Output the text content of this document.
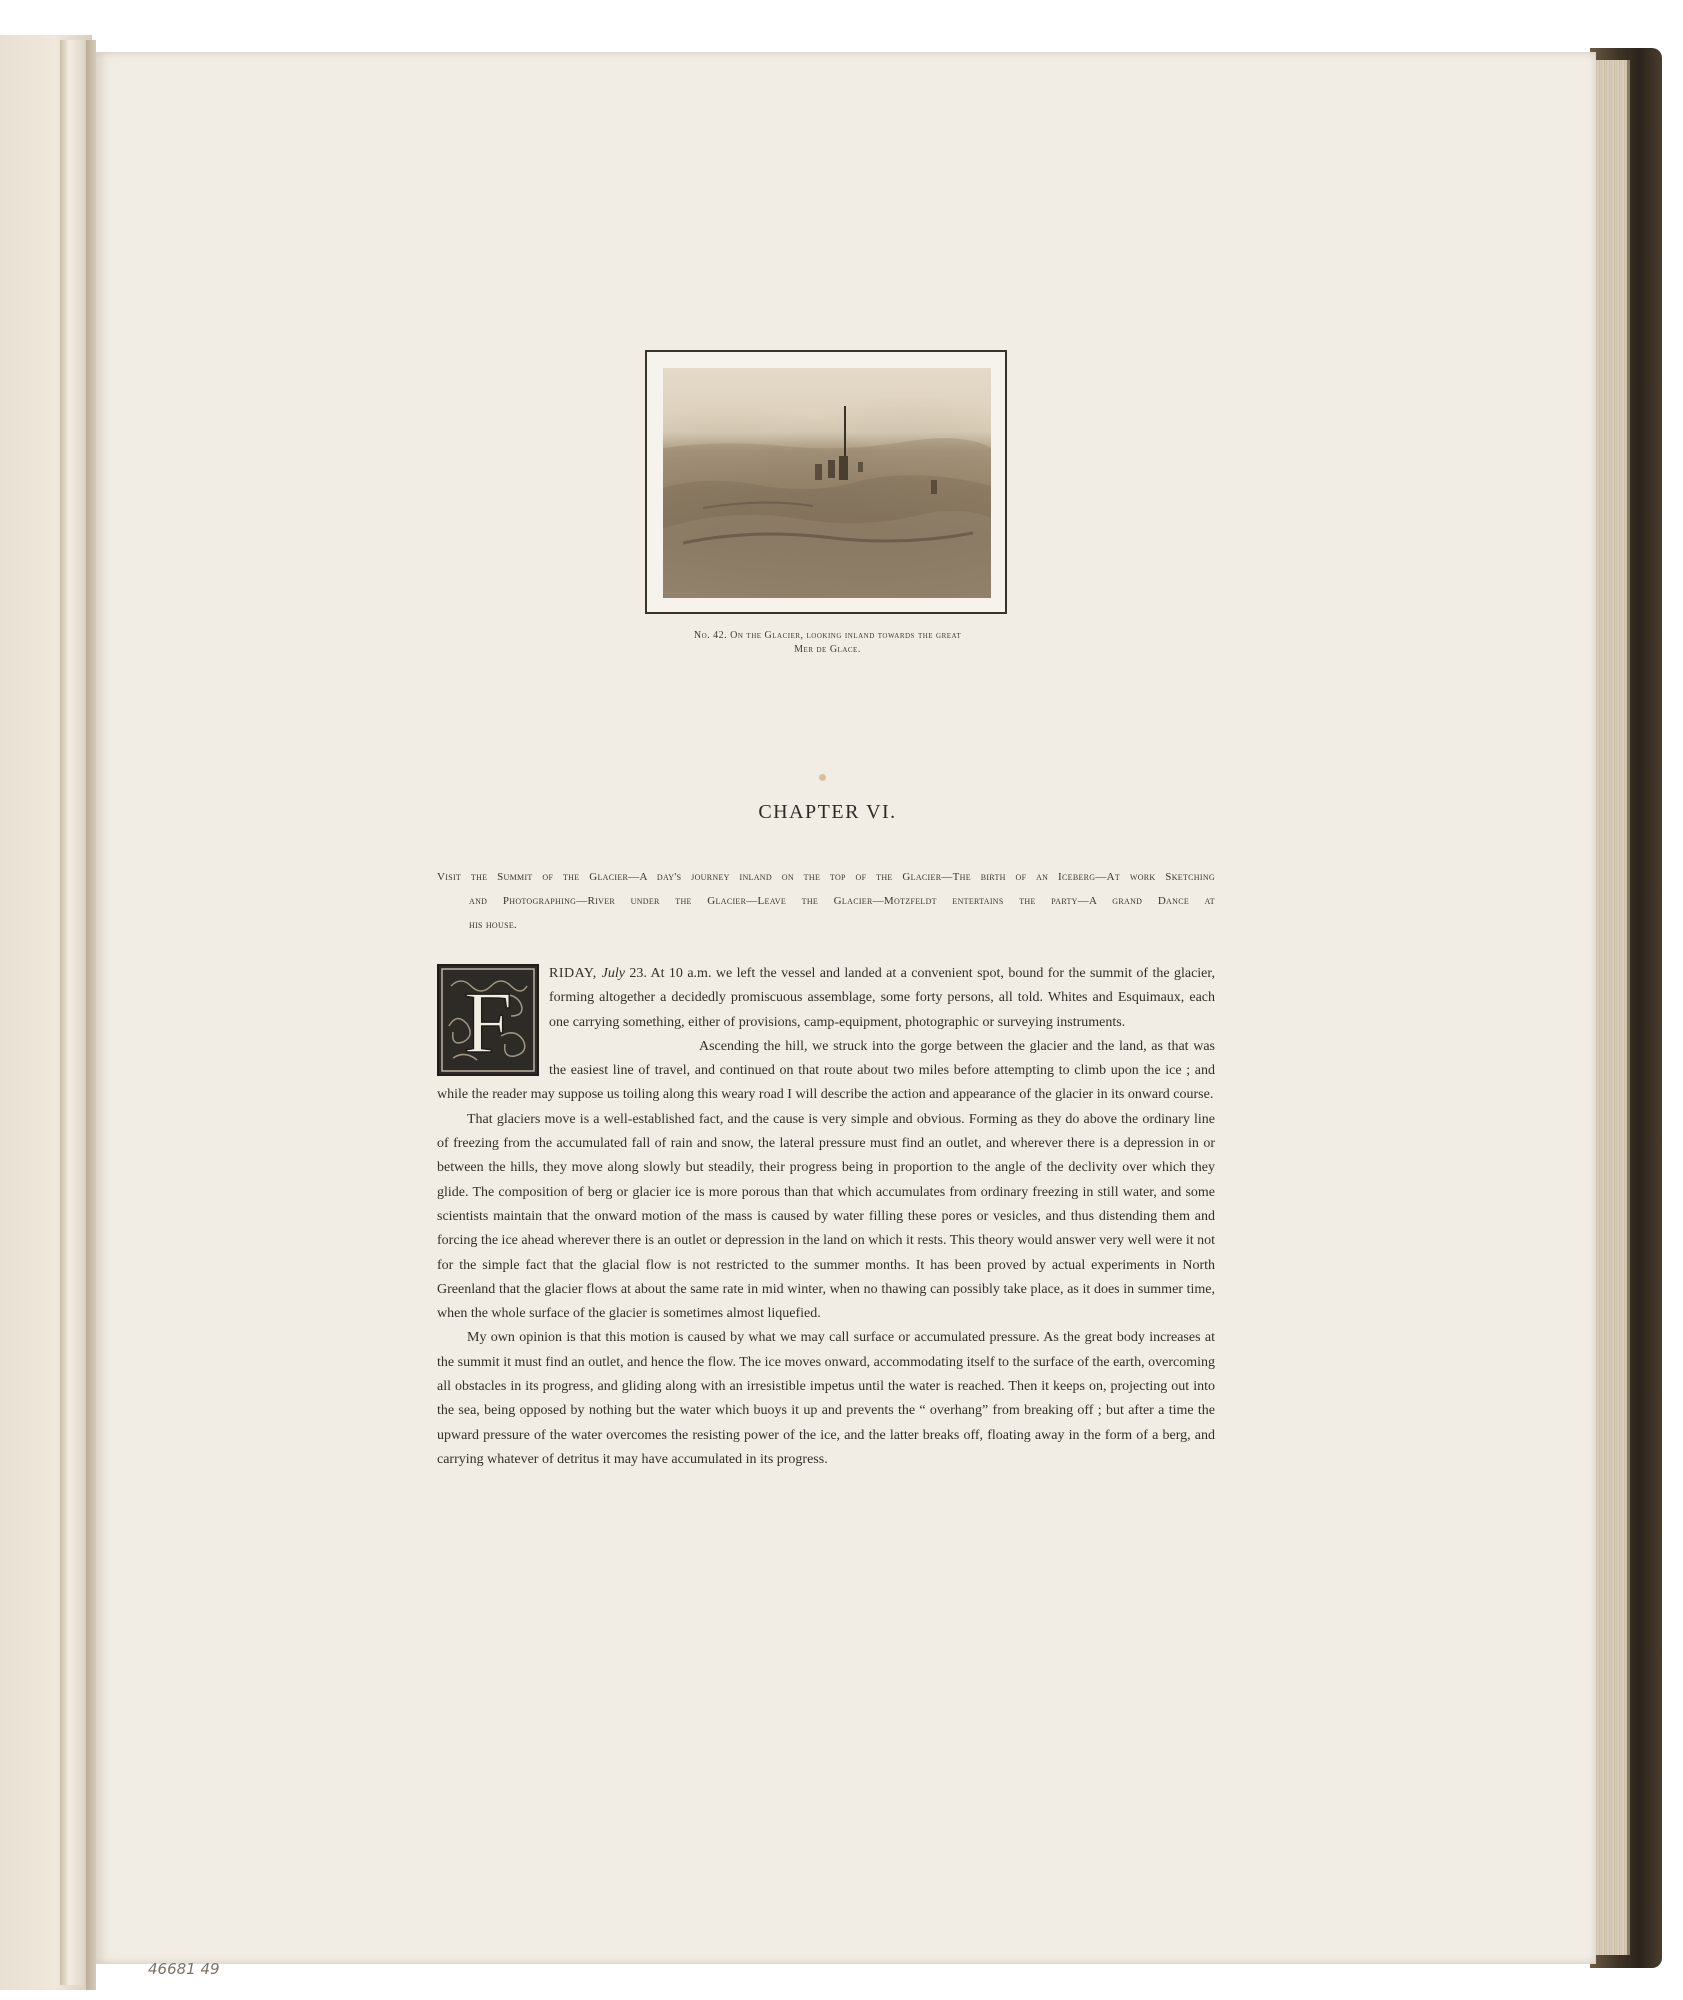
No. 42. On the Glacier, looking inland towards the great
Mer de Glace.
CHAPTER VI.
Visit the Summit of the Glacier—A day's journey inland on the top of the Glacier—The birth of an Iceberg—At work Sketching
and Photographing—River under the Glacier—Leave the Glacier—Motzfeldt entertains the party—A grand Dance at
his house.
F

RIDAY, July 23. At 10 a.m. we left the vessel and landed at a convenient spot, bound for the summit of the glacier, forming altogether a decidedly promiscuous assemblage, some forty persons, all told. Whites and Esquimaux, each one carrying something, either of provisions, camp-equipment, photographic or surveying instruments.

Ascending the hill, we struck into the gorge between the glacier and the land, as that was the easiest line of travel, and continued on that route about two miles before attempting to climb upon the ice ; and while the reader may suppose us toiling along this weary road I will describe the action and appearance of the glacier in its onward course.

That glaciers move is a well-established fact, and the cause is very simple and obvious. Forming as they do above the ordinary line of freezing from the accumulated fall of rain and snow, the lateral pressure must find an outlet, and wherever there is a depression in or between the hills, they move along slowly but steadily, their progress being in proportion to the angle of the declivity over which they glide. The composition of berg or glacier ice is more porous than that which accumulates from ordinary freezing in still water, and some scientists maintain that the onward motion of the mass is caused by water filling these pores or vesicles, and thus distending them and forcing the ice ahead wherever there is an outlet or depression in the land on which it rests. This theory would answer very well were it not for the simple fact that the glacial flow is not restricted to the summer months. It has been proved by actual experiments in North Greenland that the glacier flows at about the same rate in mid winter, when no thawing can possibly take place, as it does in summer time, when the whole surface of the glacier is sometimes almost liquefied.

My own opinion is that this motion is caused by what we may call surface or accumulated pressure. As the great body increases at the summit it must find an outlet, and hence the flow. The ice moves onward, accommodating itself to the surface of the earth, overcoming all obstacles in its progress, and gliding along with an irresistible impetus until the water is reached. Then it keeps on, projecting out into the sea, being opposed by nothing but the water which buoys it up and prevents the “ overhang” from breaking off ; but after a time the upward pressure of the water overcomes the resisting power of the ice, and the latter breaks off, floating away in the form of a berg, and carrying whatever of detritus it may have accumulated in its progress.

46681 49
